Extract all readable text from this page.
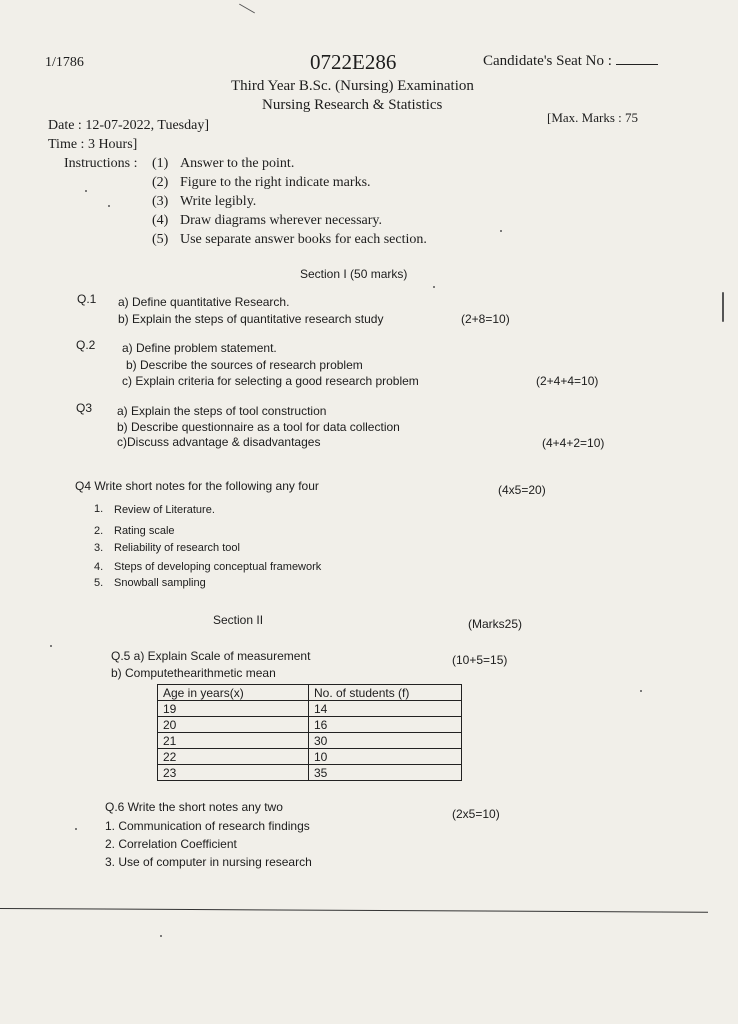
1/1786	0722E286	Candidate's Seat No :
Third Year B.Sc. (Nursing) Examination
Nursing Research & Statistics
Date : 12-07-2022, Tuesday]
[Max. Marks : 75
Time : 3 Hours]
Instructions : (1) Answer to the point.
(2) Figure to the right indicate marks.
(3) Write legibly.
(4) Draw diagrams wherever necessary.
(5) Use separate answer books for each section.
Section I (50 marks)
Q.1 a) Define quantitative Research.
b) Explain the steps of quantitative research study	(2+8=10)
Q.2 a) Define problem statement.
b) Describe the sources of research problem
c) Explain criteria for selecting a good research problem	(2+4+4=10)
Q3 a) Explain the steps of tool construction
b) Describe questionnaire as a tool for data collection
c)Discuss advantage & disadvantages	(4+4+2=10)
Q4 Write short notes for the following any four	(4x5=20)
1. Review of Literature.
2. Rating scale
3. Reliability of research tool
4. Steps of developing conceptual framework
5. Snowball sampling
Section II	(Marks25)
Q.5 a) Explain Scale of measurement	(10+5=15)
b) Computethearithmetic mean
Age in years(x)	No. of students (f)
19	14
20	16
21	30
22	10
23	35
Q.6 Write the short notes any two	(2x5=10)
1. Communication of research findings
2. Correlation Coefficient
3. Use of computer in nursing research
